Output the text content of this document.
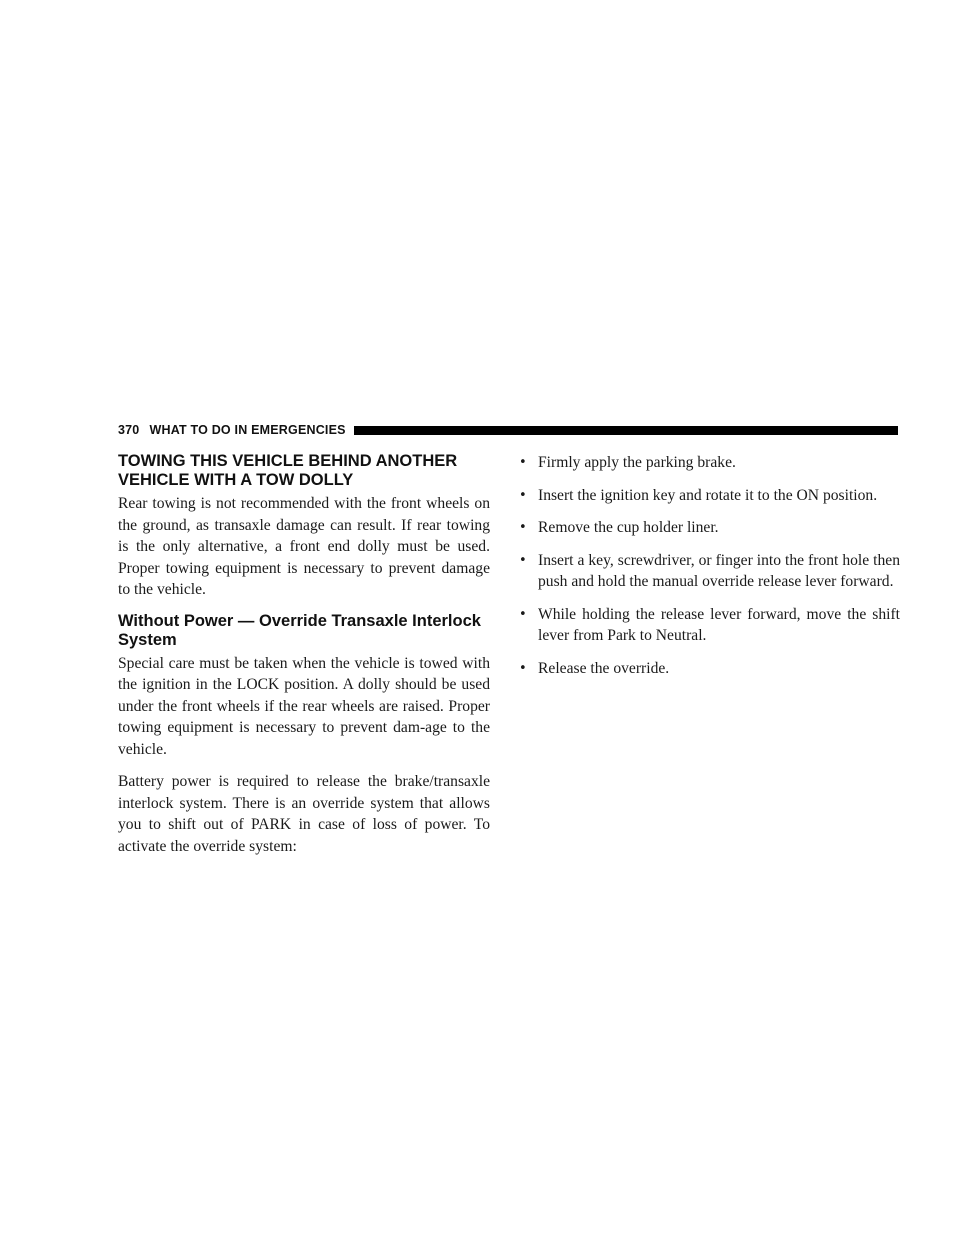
370 WHAT TO DO IN EMERGENCIES
TOWING THIS VEHICLE BEHIND ANOTHER VEHICLE WITH A TOW DOLLY

Rear towing is not recommended with the front wheels on the ground, as transaxle damage can result. If rear towing is the only alternative, a front end dolly must be used. Proper towing equipment is necessary to prevent damage to the vehicle.

Without Power — Override Transaxle Interlock System

Special care must be taken when the vehicle is towed with the ignition in the LOCK position. A dolly should be used under the front wheels if the rear wheels are raised. Proper towing equipment is necessary to prevent dam-age to the vehicle.

Battery power is required to release the brake/transaxle interlock system. There is an override system that allows you to shift out of PARK in case of loss of power. To activate the override system:

• Firmly apply the parking brake.
• Insert the ignition key and rotate it to the ON position.
• Remove the cup holder liner.
• Insert a key, screwdriver, or finger into the front hole then push and hold the manual override release lever forward.
• While holding the release lever forward, move the shift lever from Park to Neutral.
• Release the override.
